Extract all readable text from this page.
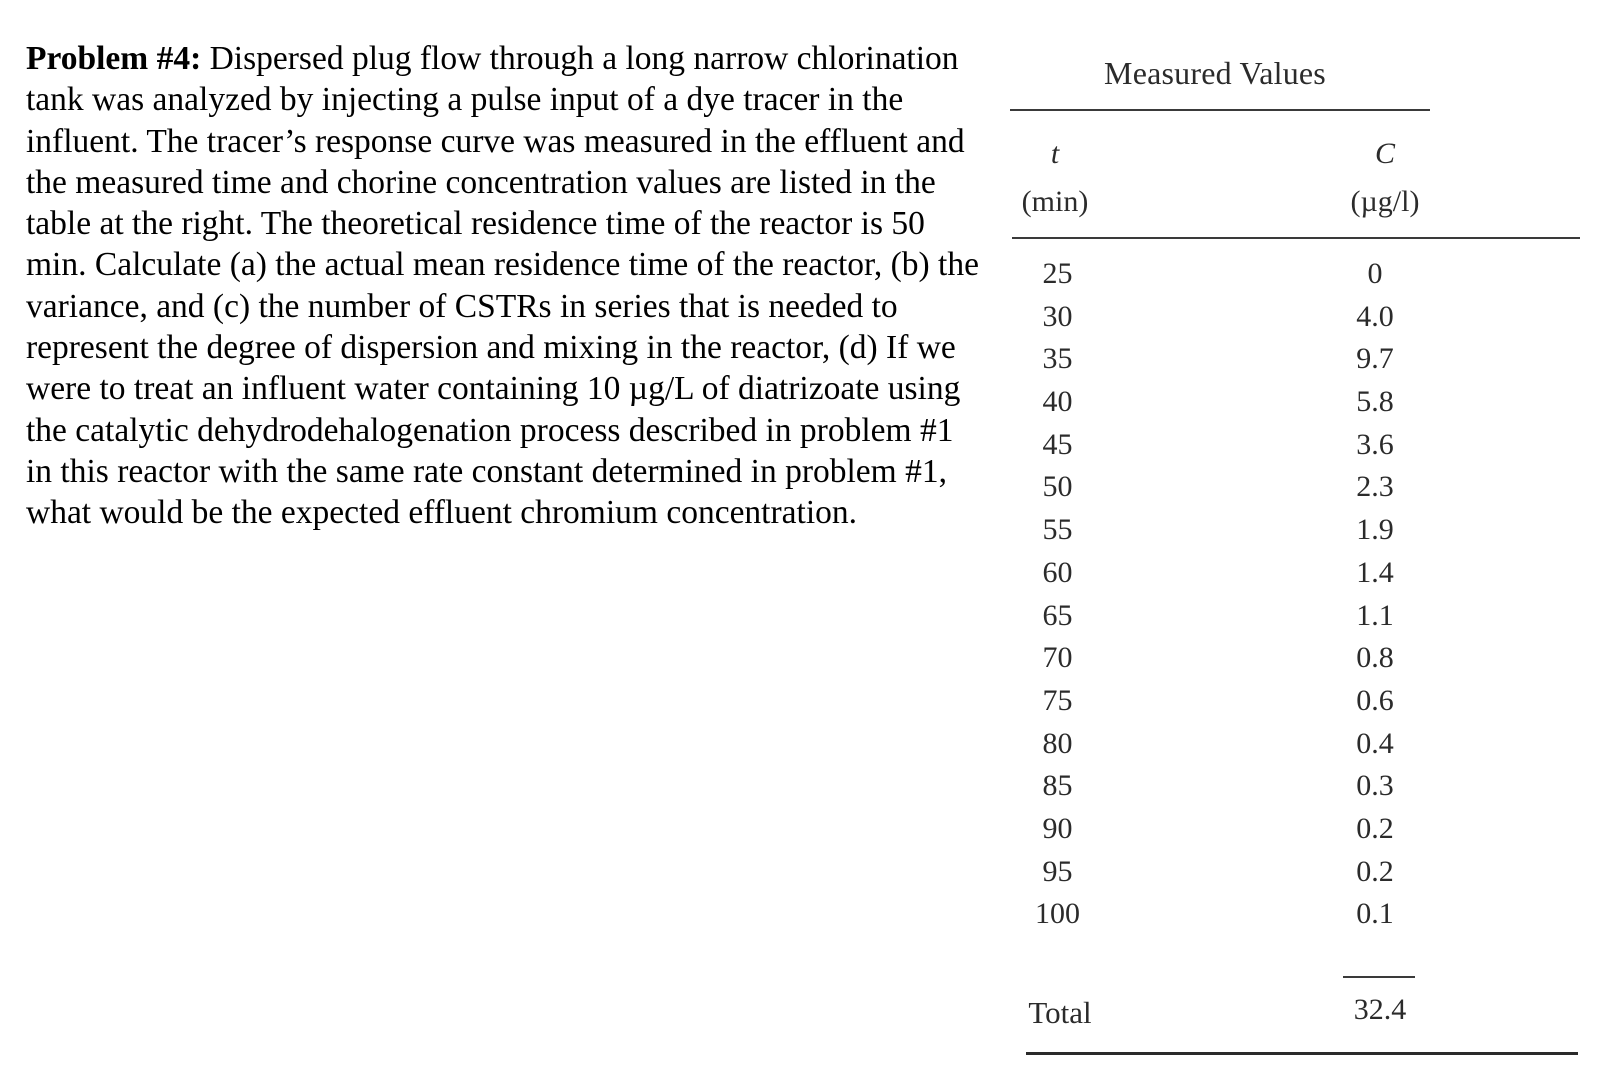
Problem #4: Dispersed plug flow through a long narrow chlorination tank was analyzed by injecting a pulse input of a dye tracer in the influent. The tracer’s response curve was measured in the effluent and the measured time and chorine concentration values are listed in the table at the right. The theoretical residence time of the reactor is 50 min. Calculate (a) the actual mean residence time of the reactor, (b) the variance, and (c) the number of CSTRs in series that is needed to represent the degree of dispersion and mixing in the reactor, (d) If we were to treat an influent water containing 10 µg/L of diatrizoate using the catalytic dehydrodehalogenation process described in problem #1 in this reactor with the same rate constant determined in problem #1, what would be the expected effluent chromium concentration.
Measured Values
t
(min)
C
(µg/l)
25
30
35
40
45
50
55
60
65
70
75
80
85
90
95
100
0
4.0
9.7
5.8
3.6
2.3
1.9
1.4
1.1
0.8
0.6
0.4
0.3
0.2
0.2
0.1
Total	32.4
